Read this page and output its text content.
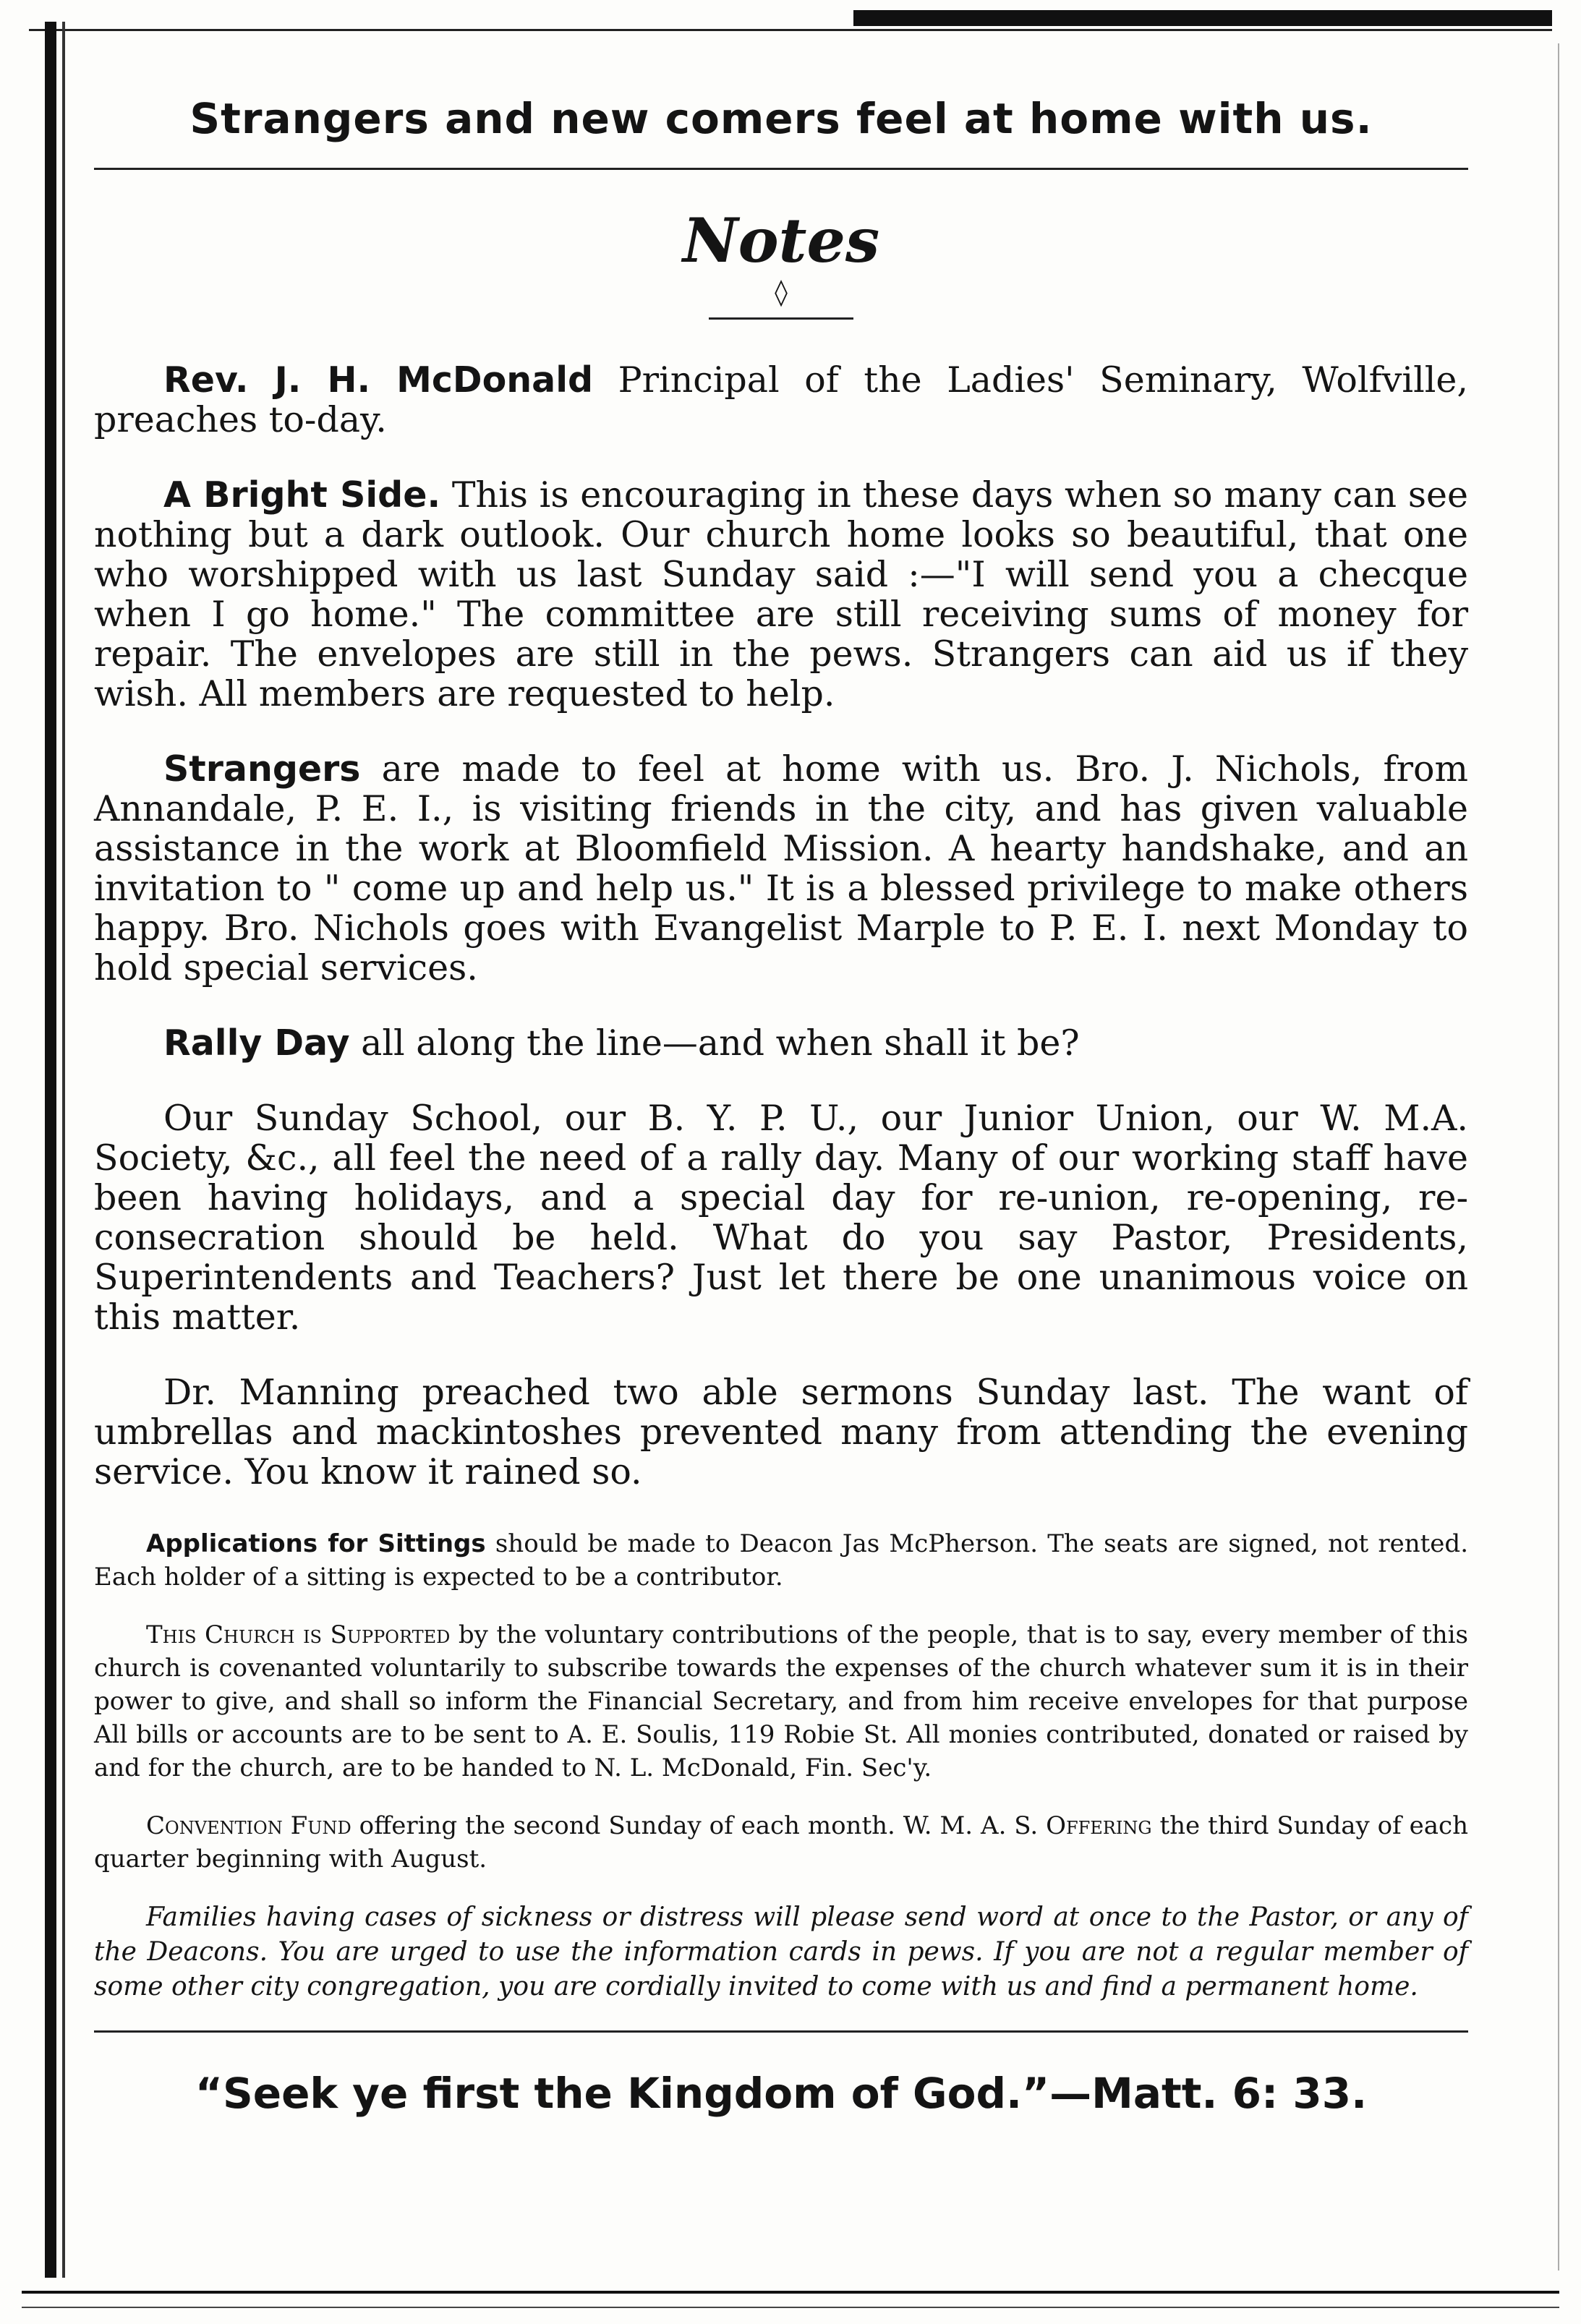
Strangers and new comers feel at home with us.
Notes
◊

Rev. J. H. McDonald Principal of the Ladies' Seminary, Wolfville, preaches to-day.

A Bright Side. This is encouraging in these days when so many can see nothing but a dark outlook. Our church home looks so beautiful, that one who worshipped with us last Sunday said :—"I will send you a checque when I go home." The committee are still receiving sums of money for repair. The envelopes are still in the pews. Strangers can aid us if they wish. All members are requested to help.

Strangers are made to feel at home with us. Bro. J. Nichols, from Annandale, P. E. I., is visiting friends in the city, and has given valuable assistance in the work at Bloomfield Mission. A hearty handshake, and an invitation to " come up and help us." It is a blessed privilege to make others happy. Bro. Nichols goes with Evangelist Marple to P. E. I. next Monday to hold special services.

Rally Day all along the line—and when shall it be?

Our Sunday School, our B. Y. P. U., our Junior Union, our W. M.A. Society, &c., all feel the need of a rally day. Many of our working staff have been having holidays, and a special day for re-union, re-opening, re-consecration should be held. What do you say Pastor, Presidents, Superintendents and Teachers? Just let there be one unanimous voice on this matter.

Dr. Manning preached two able sermons Sunday last. The want of umbrellas and mackintoshes prevented many from attending the evening service. You know it rained so.

Applications for Sittings should be made to Deacon Jas McPherson. The seats are signed, not rented. Each holder of a sitting is expected to be a contributor.

This Church is Supported by the voluntary contributions of the people, that is to say, every member of this church is covenanted voluntarily to subscribe towards the expenses of the church whatever sum it is in their power to give, and shall so inform the Financial Secretary, and from him receive envelopes for that purpose All bills or accounts are to be sent to A. E. Soulis, 119 Robie St. All monies contributed, donated or raised by and for the church, are to be handed to N. L. McDonald, Fin. Sec'y.

Convention Fund offering the second Sunday of each month. W. M. A. S. Offering the third Sunday of each quarter beginning with August.

Families having cases of sickness or distress will please send word at once to the Pastor, or any of the Deacons. You are urged to use the information cards in pews. If you are not a regular member of some other city congregation, you are cordially invited to come with us and find a permanent home.

“Seek ye first the Kingdom of God.”—Matt. 6: 33.
